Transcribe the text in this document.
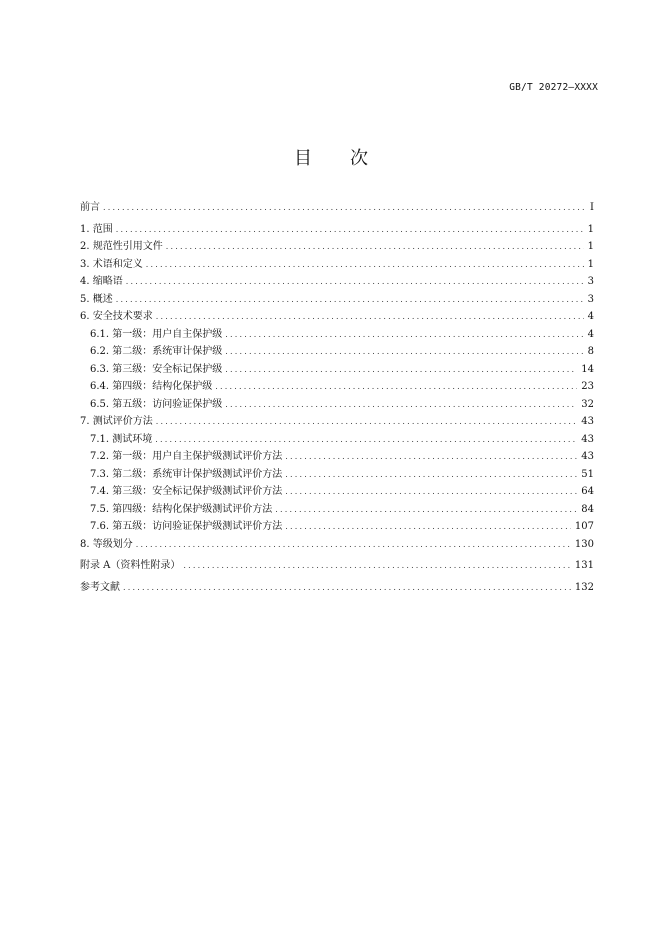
GB/T 20272—XXXX
目 次
前言 .....	I
1. 范围 .....	1
2. 规范性引用文件 .....	1
3. 术语和定义 .....	1
4. 缩略语 .....	3
5. 概述 .....	3
6. 安全技术要求 .....	4
6.1. 第一级：用户自主保护级 .....	4
6.2. 第二级：系统审计保护级 .....	8
6.3. 第三级：安全标记保护级 .....	14
6.4. 第四级：结构化保护级 .....	23
6.5. 第五级：访问验证保护级 .....	32
7. 测试评价方法 .....	43
7.1. 测试环境 .....	43
7.2. 第一级：用户自主保护级测试评价方法 .....	43
7.3. 第二级：系统审计保护级测试评价方法 .....	51
7.4. 第三级：安全标记保护级测试评价方法 .....	64
7.5. 第四级：结构化保护级测试评价方法 .....	84
7.6. 第五级：访问验证保护级测试评价方法 .....	107
8. 等级划分 .....	130
附录 A（资料性附录） .....	131
参考文献 .....	132
